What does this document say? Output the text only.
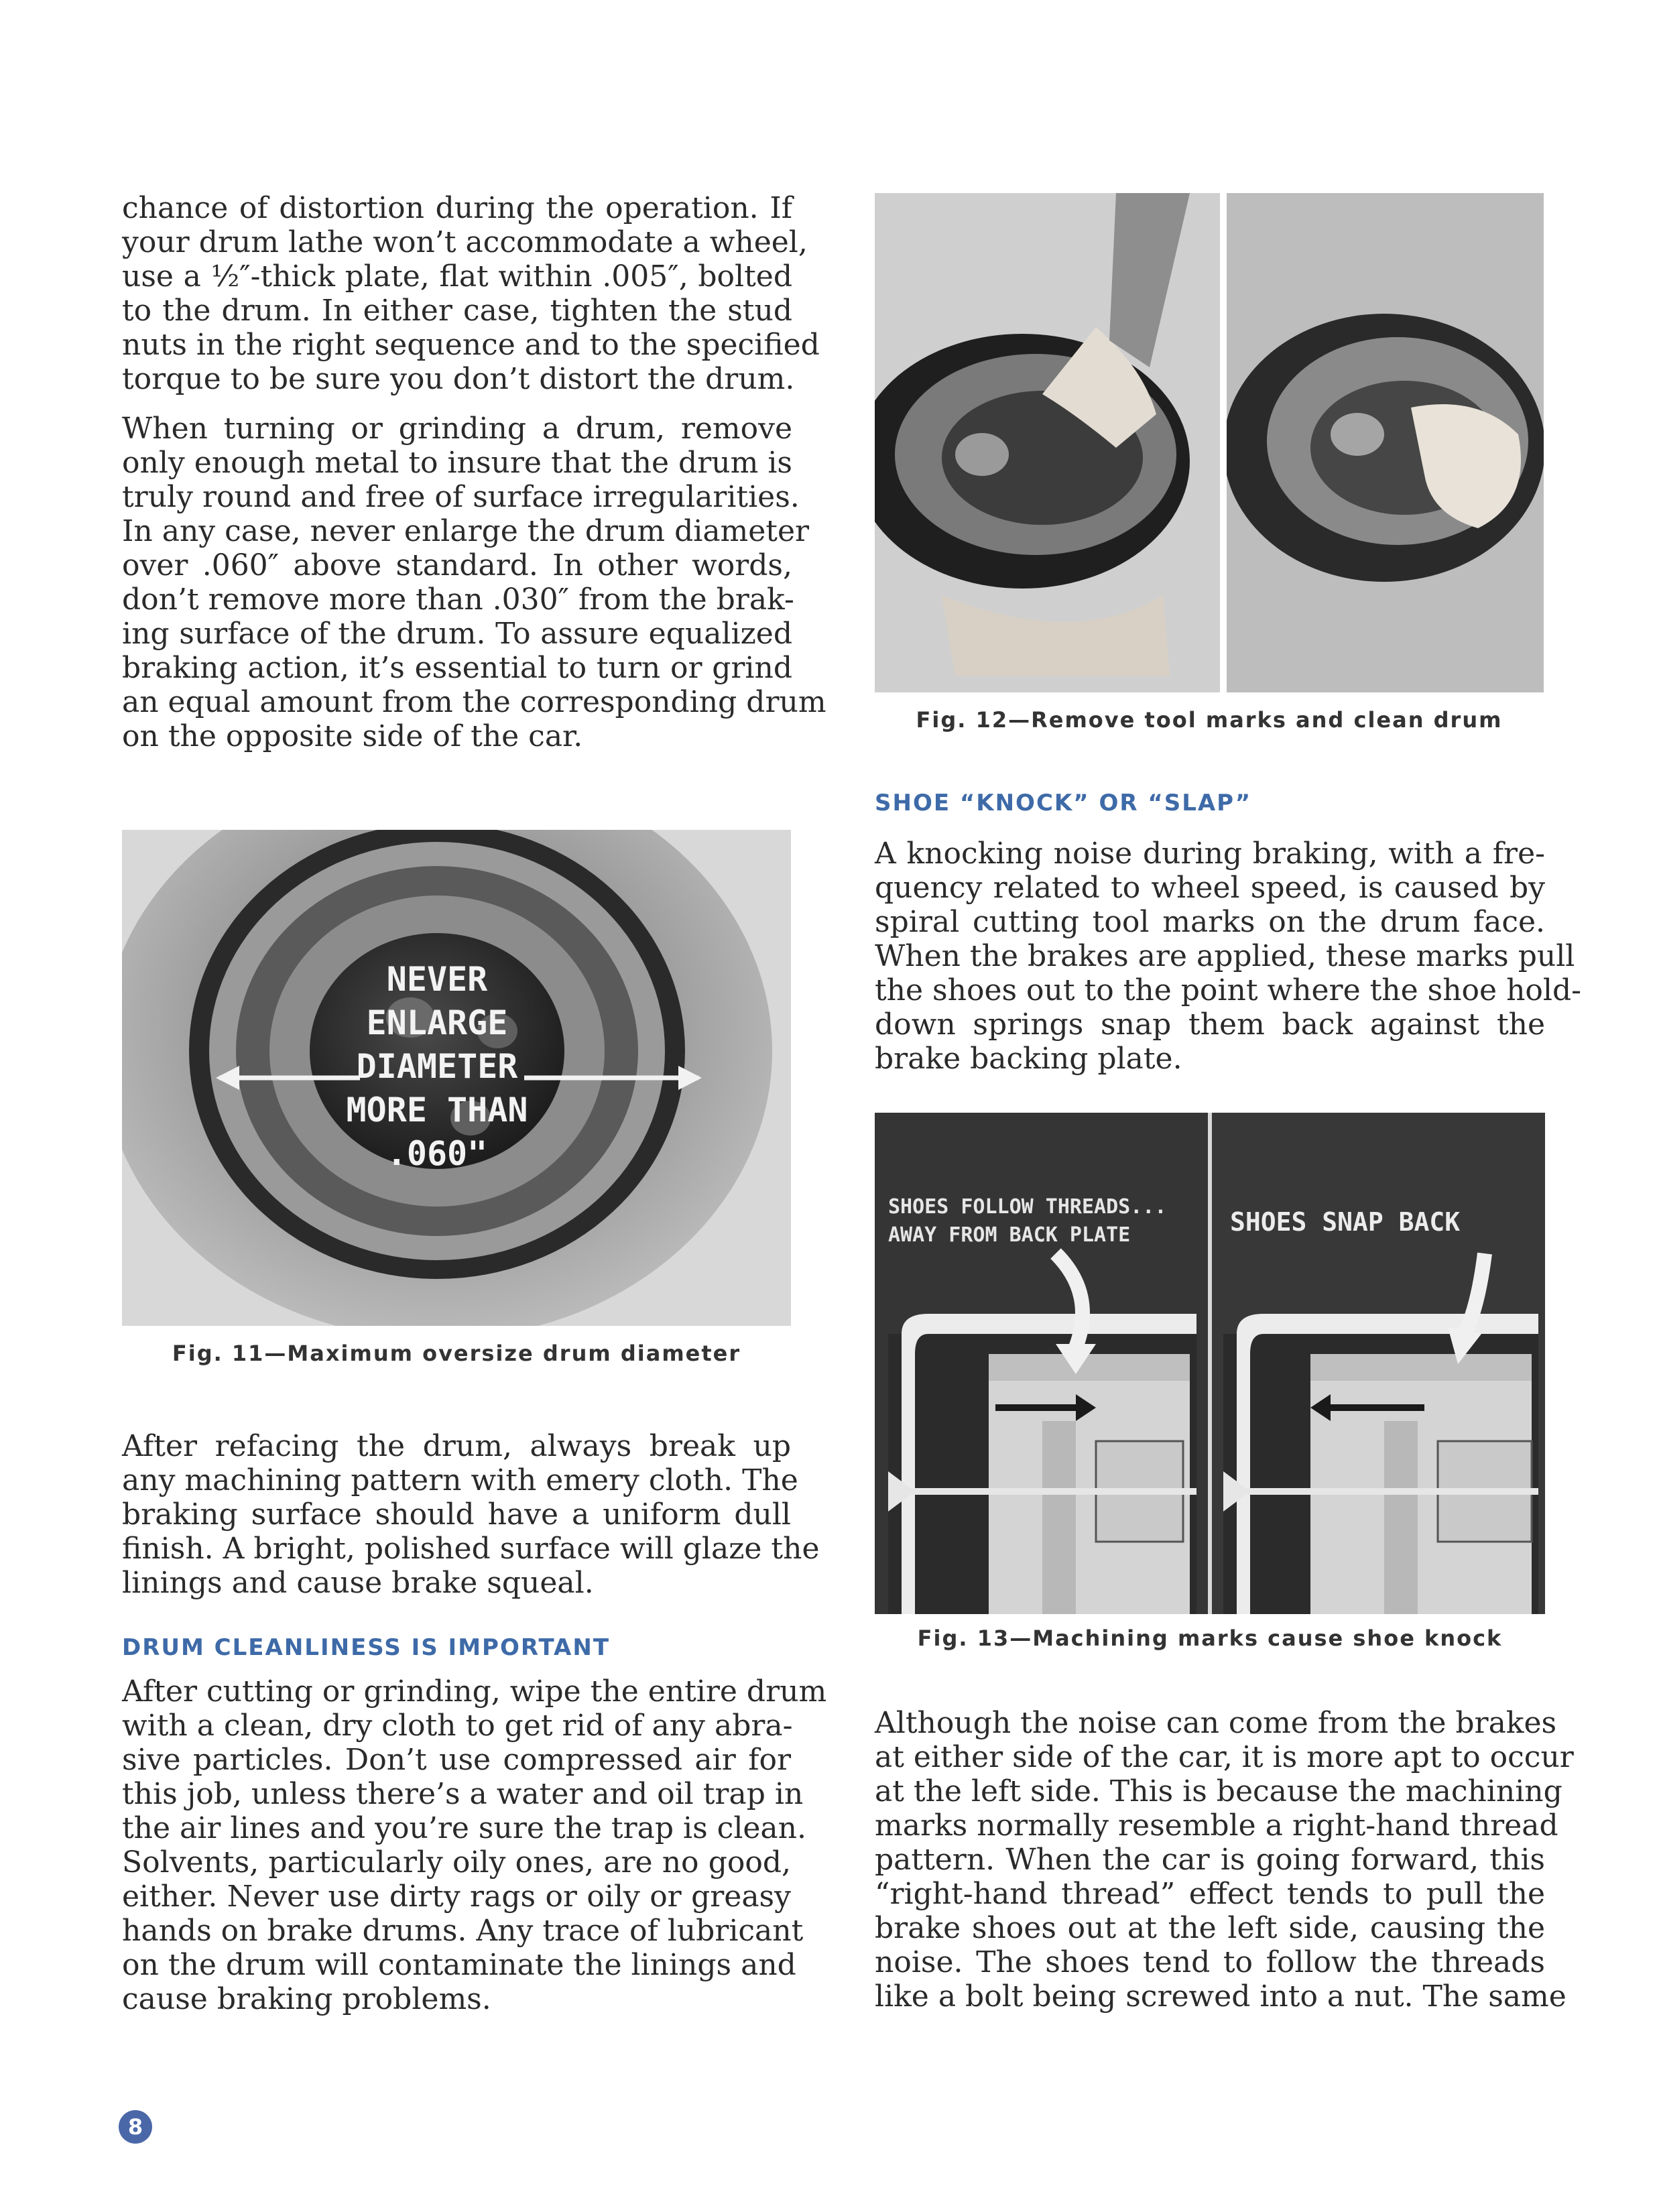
chance of distortion during the operation. If
your drum lathe won’t accommodate a wheel,
use a ½″-thick plate, flat within .005″, bolted
to the drum. In either case, tighten the stud
nuts in the right sequence and to the specified
torque to be sure you don’t distort the drum.
When turning or grinding a drum, remove
only enough metal to insure that the drum is
truly round and free of surface irregularities.
In any case, never enlarge the drum diameter
over .060″ above standard. In other words,
don’t remove more than .030″ from the brak-
ing surface of the drum. To assure equalized
braking action, it’s essential to turn or grind
an equal amount from the corresponding drum
on the opposite side of the car.
NEVER
ENLARGE
DIAMETER
MORE THAN
.060"

Fig. 11—Maximum oversize drum diameter

After refacing the drum, always break up
any machining pattern with emery cloth. The
braking surface should have a uniform dull
finish. A bright, polished surface will glaze the
linings and cause brake squeal.

DRUM CLEANLINESS IS IMPORTANT

After cutting or grinding, wipe the entire drum
with a clean, dry cloth to get rid of any abra-
sive particles. Don’t use compressed air for
this job, unless there’s a water and oil trap in
the air lines and you’re sure the trap is clean.
Solvents, particularly oily ones, are no good,
either. Never use dirty rags or oily or greasy
hands on brake drums. Any trace of lubricant
on the drum will contaminate the linings and
cause braking problems.

Fig. 12—Remove tool marks and clean drum

SHOE “KNOCK” OR “SLAP”

A knocking noise during braking, with a fre-
quency related to wheel speed, is caused by
spiral cutting tool marks on the drum face.
When the brakes are applied, these marks pull
the shoes out to the point where the shoe hold-
down springs snap them back against the
brake backing plate.
SHOES FOLLOW THREADS...
AWAY FROM BACK PLATE	SHOES SNAP BACK

Fig. 13—Machining marks cause shoe knock

Although the noise can come from the brakes
at either side of the car, it is more apt to occur
at the left side. This is because the machining
marks normally resemble a right-hand thread
pattern. When the car is going forward, this
“right-hand thread” effect tends to pull the
brake shoes out at the left side, causing the
noise. The shoes tend to follow the threads
like a bolt being screwed into a nut. The same
8
